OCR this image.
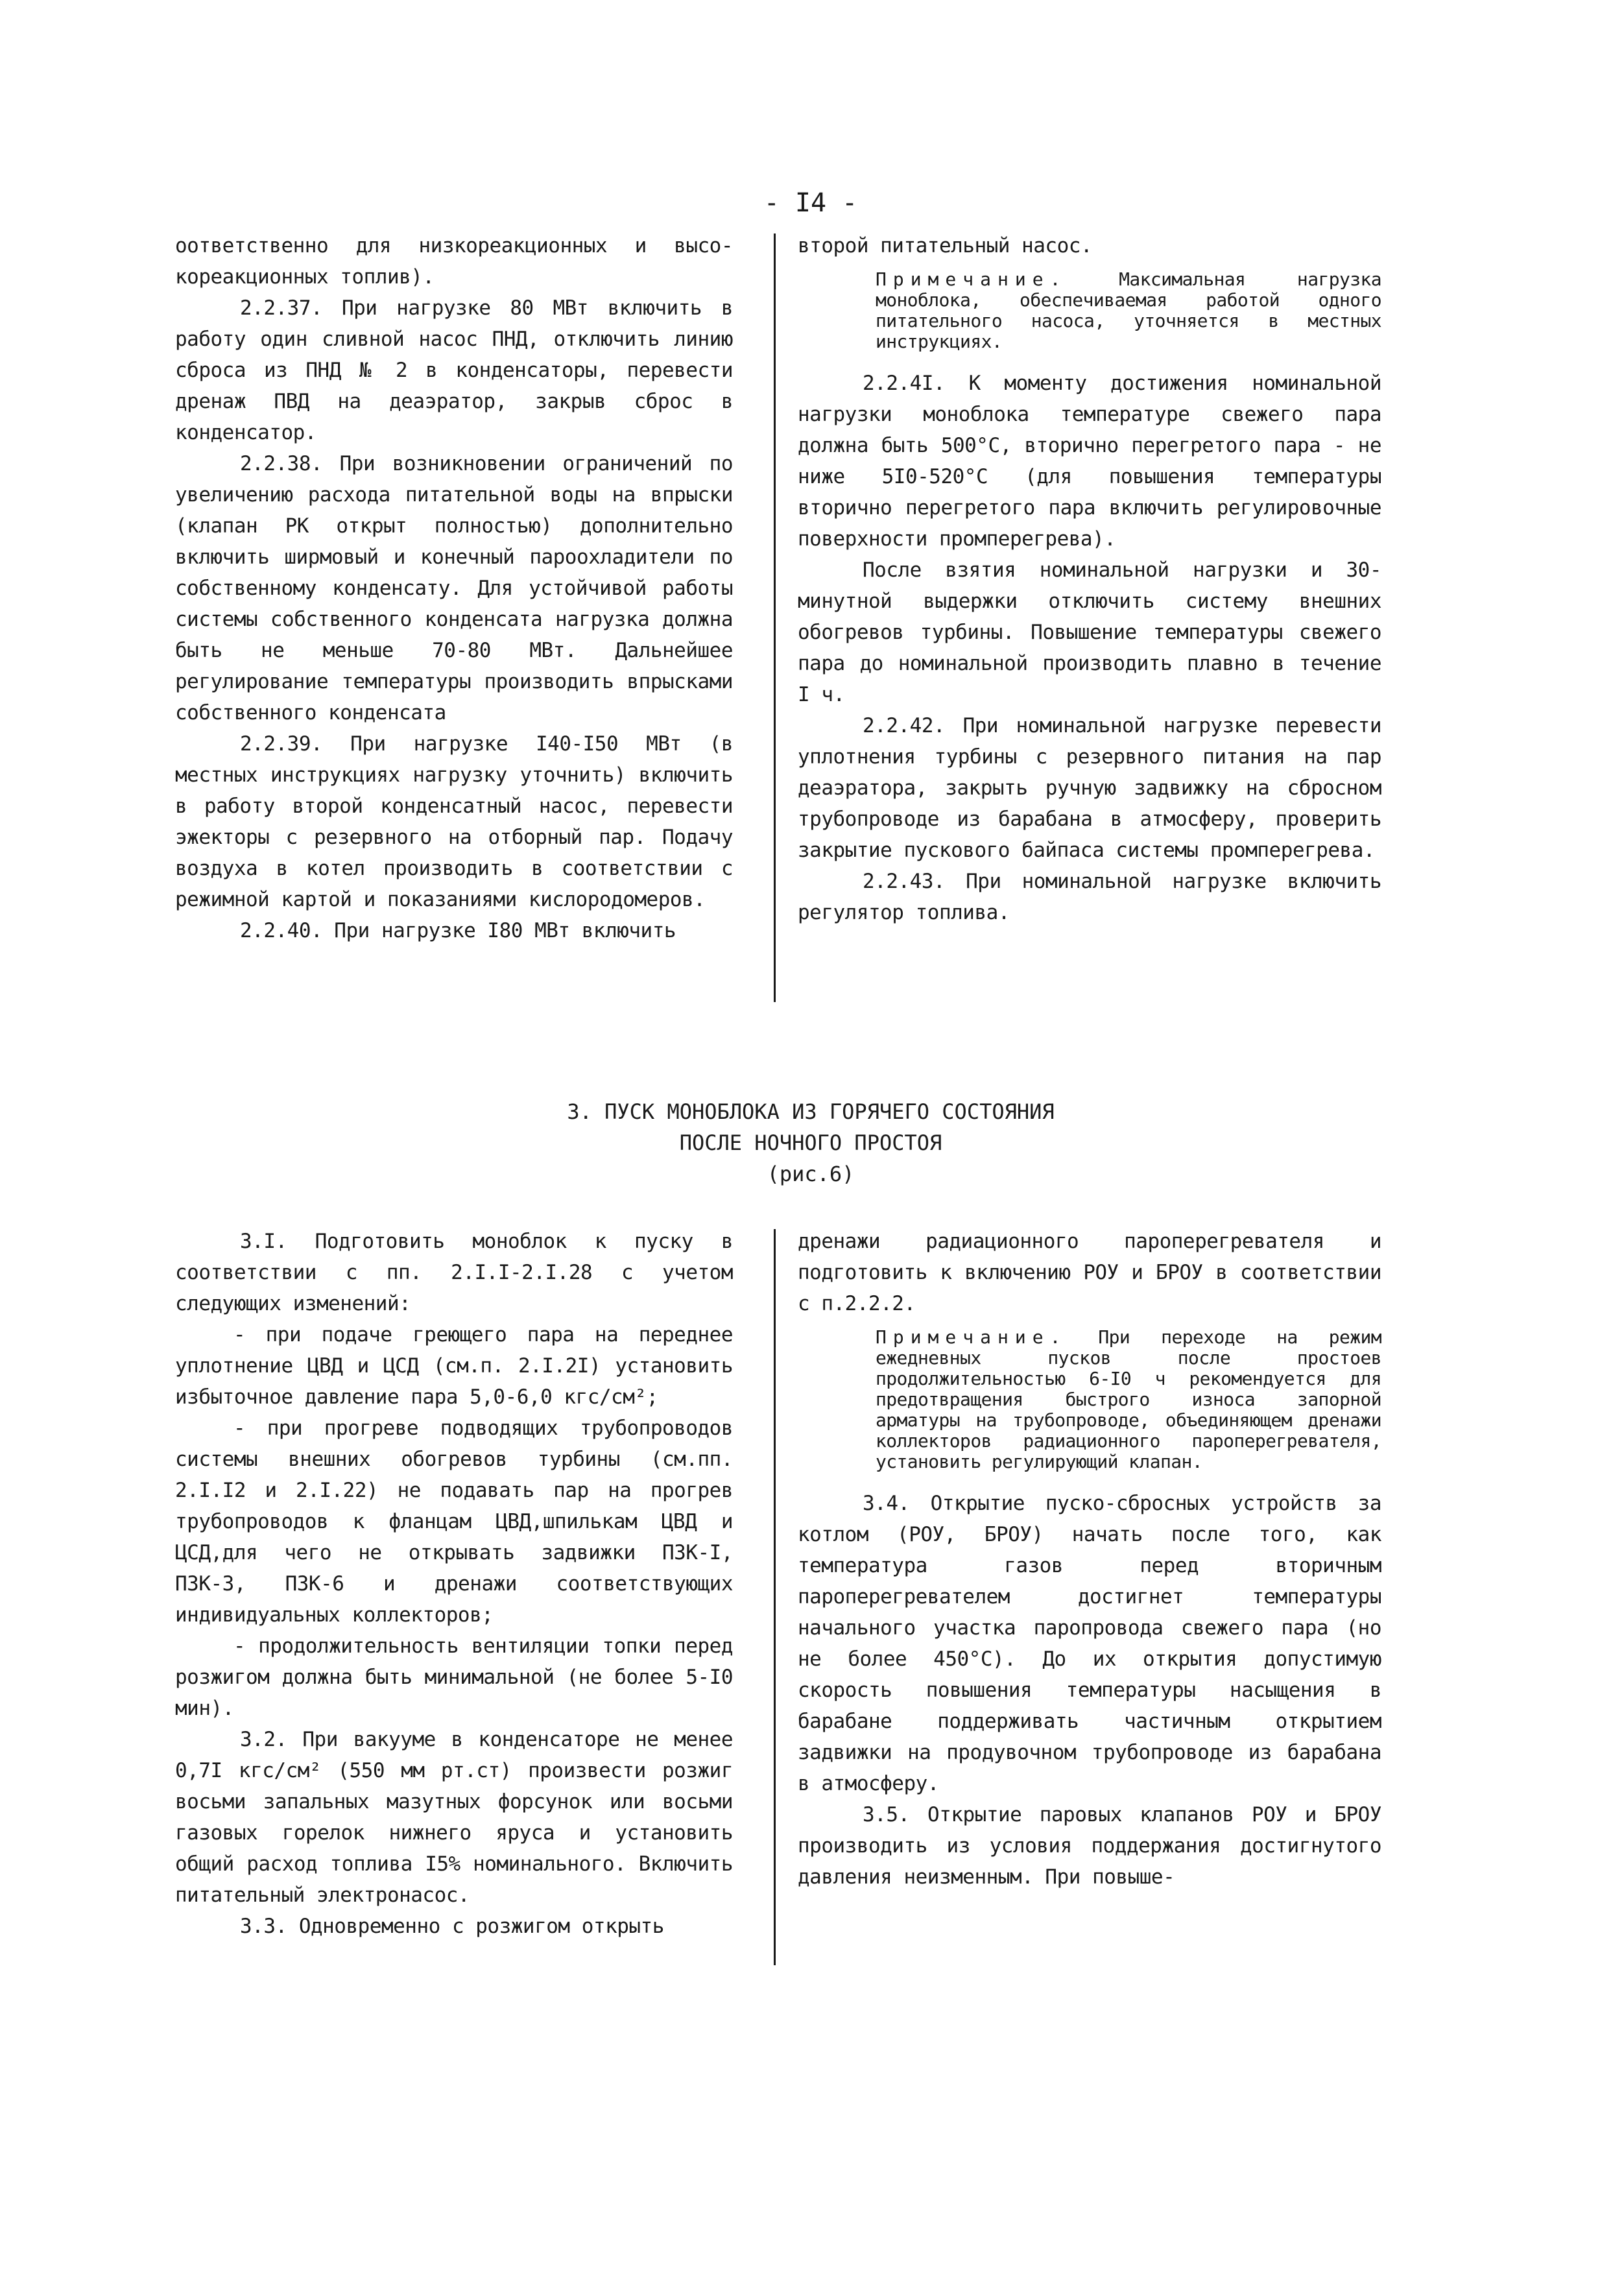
- I4 -

оответственно для низкореакционных и высо-кореакционных топлив).

2.2.37. При нагрузке 80 МВт включить в работу один сливной насос ПНД, отключить линию сброса из ПНД № 2 в конденсаторы, перевести дренаж ПВД на деаэратор, закрыв сброс в конденсатор.

2.2.38. При возникновении ограничений по увеличению расхода питательной воды на впрыски (клапан РК открыт полностью) дополнительно включить ширмовый и конечный пароохладители по собственному конденсату. Для устойчивой работы системы собственного конденсата нагрузка должна быть не меньше 70-80 МВт. Дальнейшее регулирование температуры производить впрысками собственного конденсата

2.2.39. При нагрузке I40-I50 МВт (в местных инструкциях нагрузку уточнить) включить в работу второй конденсатный насос, перевести эжекторы с резервного на отборный пар. Подачу воздуха в котел производить в соответствии с режимной картой и показаниями кислородомеров.

2.2.40. При нагрузке I80 МВт включить

второй питательный насос.

Примечание.	Максимальная нагрузка моноблока, обеспечиваемая работой одного питательного насоса, уточняется в местных инструкциях.

2.2.4I. К моменту достижения номинальной нагрузки моноблока температуре свежего пара должна быть 500°С, вторично перегретого пара - не ниже 5I0-520°С (для повышения температуры вторично перегретого пара включить регулировочные поверхности промперегрева).

После взятия номинальной нагрузки и 30-минутной выдержки отключить систему внешних обогревов турбины. Повышение температуры свежего пара до номинальной производить плавно в течение I ч.

2.2.42. При номинальной нагрузке перевести уплотнения турбины с резервного питания на пар деаэратора, закрыть ручную задвижку на сбросном трубопроводе из барабана в атмосферу, проверить закрытие пускового байпаса системы промперегрева.

2.2.43. При номинальной нагрузке включить регулятор топлива.

3. ПУСК МОНОБЛОКА ИЗ ГОРЯЧЕГО СОСТОЯНИЯ
ПОСЛЕ НОЧНОГО ПРОСТОЯ
(рис.6)

3.I. Подготовить моноблок к пуску в соответствии с пп. 2.I.I-2.I.28 с учетом следующих изменений:

- при подаче греющего пара на переднее уплотнение ЦВД и ЦСД (см.п. 2.I.2I) установить избыточное давление пара 5,0-6,0 кгс/см²;

- при прогреве подводящих трубопроводов системы внешних обогревов турбины (см.пп. 2.I.I2 и 2.I.22) не подавать пар на прогрев трубопроводов к фланцам ЦВД,шпилькам ЦВД и ЦСД,для чего не открывать задвижки ПЗК-I, ПЗК-3, ПЗК-6 и дренажи соответствующих индивидуальных коллекторов;

- продолжительность вентиляции топки перед розжигом должна быть минимальной (не более 5-I0 мин).

3.2. При вакууме в конденсаторе не менее 0,7I кгс/см² (550 мм рт.ст) произвести розжиг восьми запальных мазутных форсунок или восьми газовых горелок нижнего яруса и установить общий расход топлива I5% номинального. Включить питательный электронасос.

3.3. Одновременно с розжигом открыть

дренажи радиационного пароперегревателя и подготовить к включению РОУ и БРОУ в соответствии с п.2.2.2.

Примечание. При переходе на режим ежедневных пусков после простоев продолжительностью 6-I0 ч рекомендуется для предотвращения быстрого износа запорной арматуры на трубопроводе, объединяющем дренажи коллекторов радиационного пароперегревателя, установить регулирующий клапан.

3.4. Открытие пуско-сбросных устройств за котлом (РОУ, БРОУ) начать после того, как температура газов перед вторичным пароперегревателем достигнет температуры начального участка паропровода свежего пара (но не более 450°С). До их открытия допустимую скорость повышения температуры насыщения в барабане поддерживать частичным открытием задвижки на продувочном трубопроводе из барабана в атмосферу.

3.5. Открытие паровых клапанов РОУ и БРОУ производить из условия поддержания достигнутого давления неизменным. При повыше-
